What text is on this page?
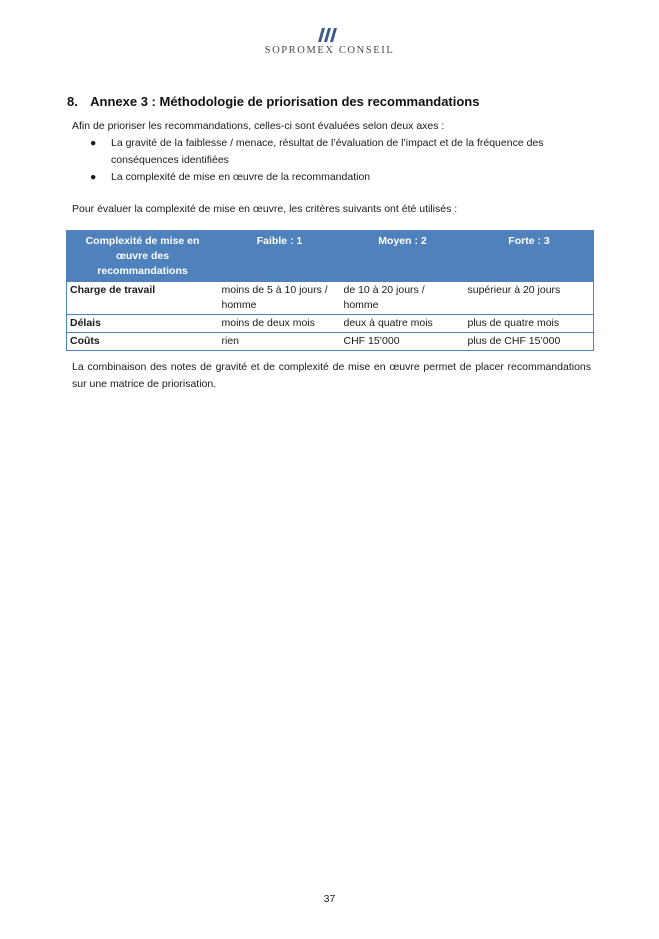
SOPROMEX CONSEIL
8. Annexe 3 : Méthodologie de priorisation des recommandations
Afin de prioriser les recommandations, celles-ci sont évaluées selon deux axes :
● La gravité de la faiblesse / menace, résultat de l’évaluation de l’impact et de la fréquence des conséquences identifiées
● La complexité de mise en œuvre de la recommandation
Pour évaluer la complexité de mise en œuvre, les critères suivants ont été utilisés :
Complexité de mise en œuvre des recommandations	Faible : 1	Moyen : 2	Forte : 3
Charge de travail	moins de 5 à 10 jours / homme	de 10 à 20 jours / homme	supérieur à 20 jours
Délais	moins de deux mois	deux à quatre mois	plus de quatre mois
Coûts	rien	CHF 15’000	plus de CHF 15’000
La combinaison des notes de gravité et de complexité de mise en œuvre permet de placer recommandations sur une matrice de priorisation.
37
